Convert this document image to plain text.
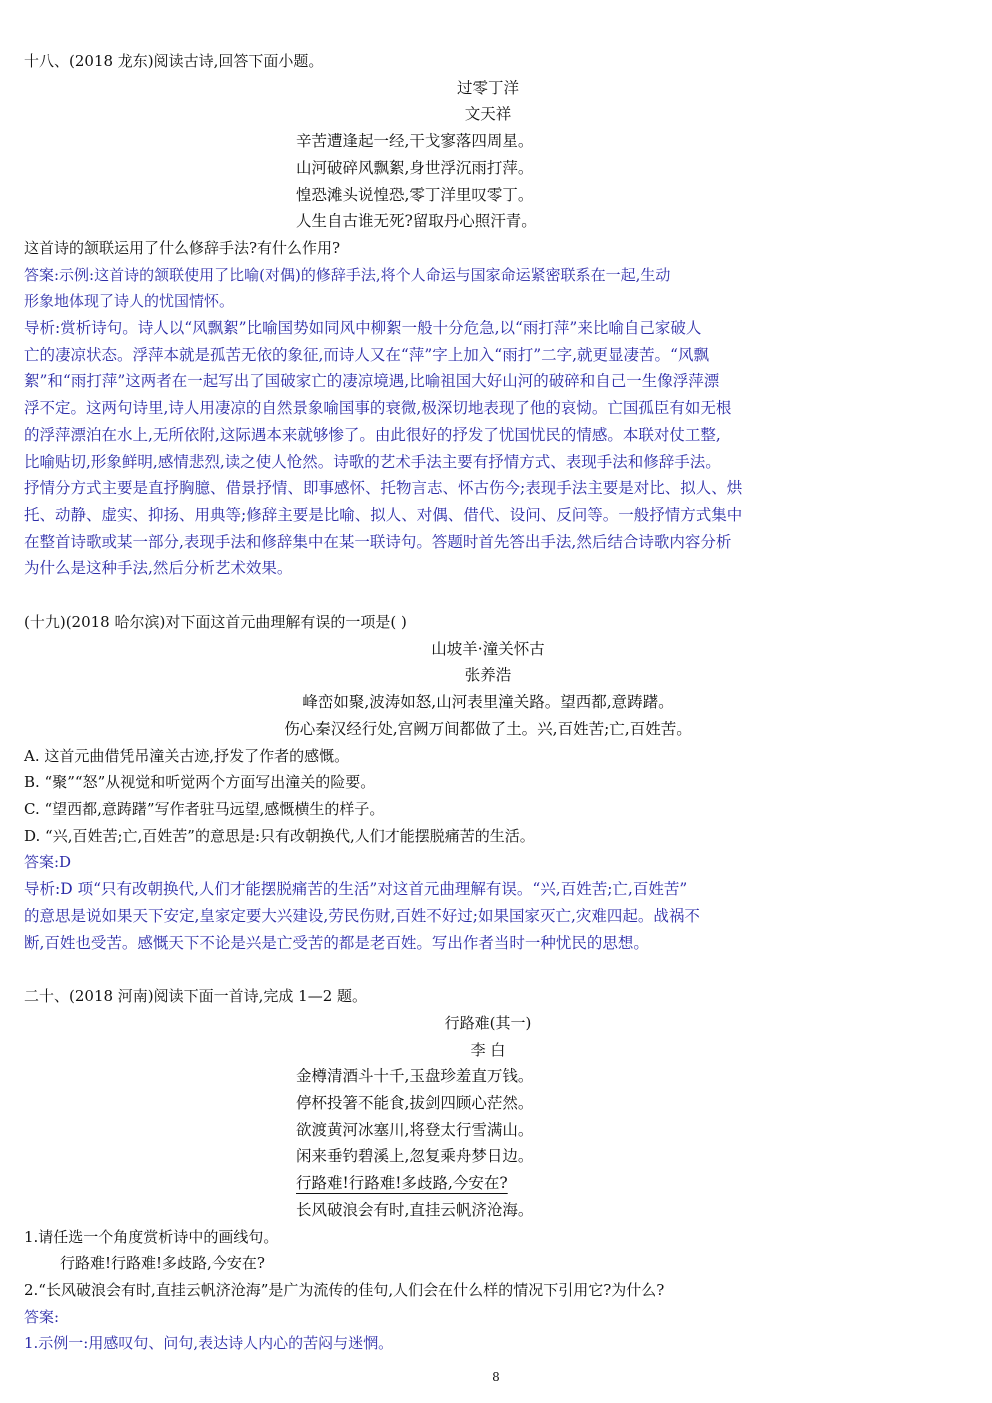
十八、(2018 龙东)阅读古诗,回答下面小题。
过零丁洋
文天祥
辛苦遭逢起一经,干戈寥落四周星。
山河破碎风飘絮,身世浮沉雨打萍。
惶恐滩头说惶恐,零丁洋里叹零丁。
人生自古谁无死?留取丹心照汗青。
这首诗的颔联运用了什么修辞手法?有什么作用?
答案:示例:这首诗的颔联使用了比喻(对偶)的修辞手法,将个人命运与国家命运紧密联系在一起,生动
形象地体现了诗人的忧国情怀。
导析:赏析诗句。诗人以“风飘絮”比喻国势如同风中柳絮一般十分危急,以“雨打萍”来比喻自己家破人
亡的凄凉状态。浮萍本就是孤苦无依的象征,而诗人又在“萍”字上加入“雨打”二字,就更显凄苦。“风飘
絮”和“雨打萍”这两者在一起写出了国破家亡的凄凉境遇,比喻祖国大好山河的破碎和自己一生像浮萍漂
浮不定。这两句诗里,诗人用凄凉的自然景象喻国事的衰微,极深切地表现了他的哀恸。亡国孤臣有如无根
的浮萍漂泊在水上,无所依附,这际遇本来就够惨了。由此很好的抒发了忧国忧民的情感。本联对仗工整,
比喻贴切,形象鲜明,感情悲烈,读之使人怆然。诗歌的艺术手法主要有抒情方式、表现手法和修辞手法。
抒情分方式主要是直抒胸臆、借景抒情、即事感怀、托物言志、怀古伤今;表现手法主要是对比、拟人、烘
托、动静、虚实、抑扬、用典等;修辞主要是比喻、拟人、对偶、借代、设问、反问等。一般抒情方式集中
在整首诗歌或某一部分,表现手法和修辞集中在某一联诗句。答题时首先答出手法,然后结合诗歌内容分析
为什么是这种手法,然后分析艺术效果。
(十九)(2018 哈尔滨)对下面这首元曲理解有误的一项是( )
山坡羊·潼关怀古
张养浩
峰峦如聚,波涛如怒,山河表里潼关路。望西都,意踌躇。
伤心秦汉经行处,宫阙万间都做了土。兴,百姓苦;亡,百姓苦。
A. 这首元曲借凭吊潼关古迹,抒发了作者的感慨。
B. “聚”“怒”从视觉和听觉两个方面写出潼关的险要。
C. “望西都,意踌躇”写作者驻马远望,感慨横生的样子。
D. “兴,百姓苦;亡,百姓苦”的意思是:只有改朝换代,人们才能摆脱痛苦的生活。
答案:D
导析:D 项“只有改朝换代,人们才能摆脱痛苦的生活”对这首元曲理解有误。“兴,百姓苦;亡,百姓苦”
的意思是说如果天下安定,皇家定要大兴建设,劳民伤财,百姓不好过;如果国家灭亡,灾难四起。战祸不
断,百姓也受苦。感慨天下不论是兴是亡受苦的都是老百姓。写出作者当时一种忧民的思想。
二十、(2018 河南)阅读下面一首诗,完成 1—2 题。
行路难(其一)
李 白
金樽清酒斗十千,玉盘珍羞直万钱。
停杯投箸不能食,拔剑四顾心茫然。
欲渡黄河冰塞川,将登太行雪满山。
闲来垂钓碧溪上,忽复乘舟梦日边。
行路难!行路难!多歧路,今安在?
长风破浪会有时,直挂云帆济沧海。
1.请任选一个角度赏析诗中的画线句。
行路难!行路难!多歧路,今安在?
2.“长风破浪会有时,直挂云帆济沧海”是广为流传的佳句,人们会在什么样的情况下引用它?为什么?
答案:
1.示例一:用感叹句、问句,表达诗人内心的苦闷与迷惘。
8
